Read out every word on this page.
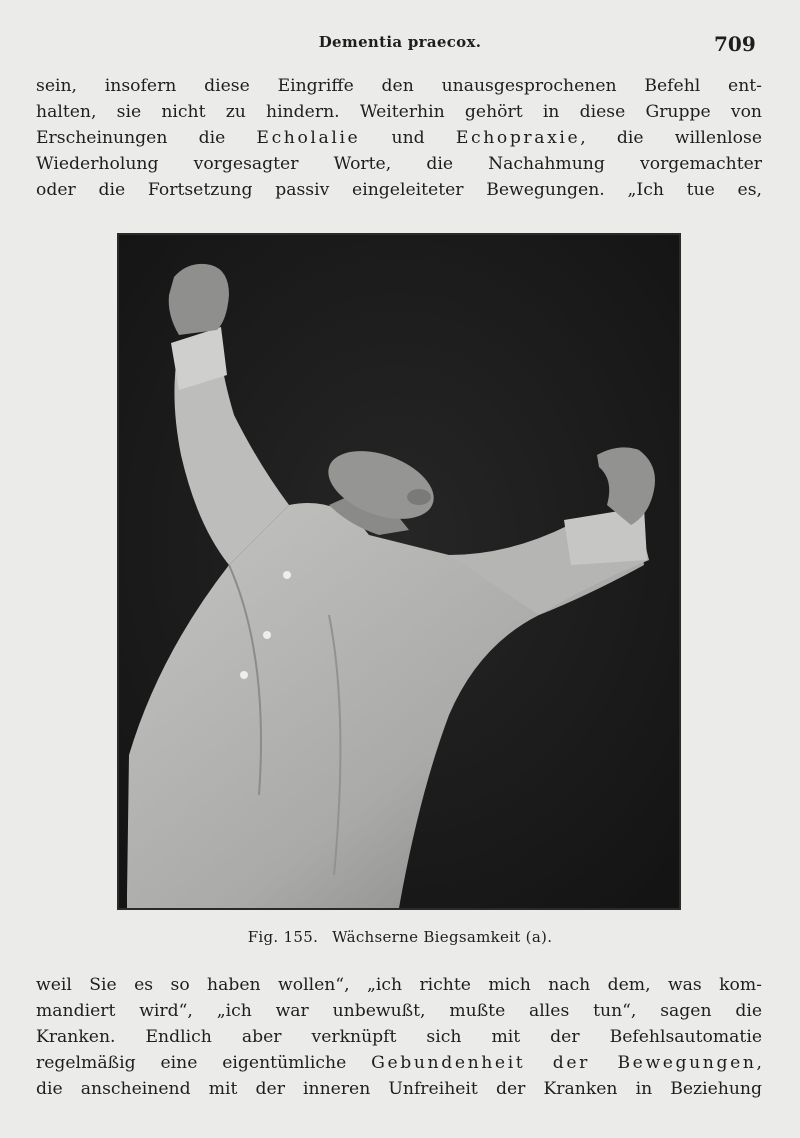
Dementia praecox.	709
sein, insofern diese Eingriffe den unausgesprochenen Befehl ent-
halten, sie nicht zu hindern. Weiterhin gehört in diese Gruppe von
Erscheinungen die Echolalie und Echopraxie, die willenlose
Wiederholung vorgesagter Worte, die Nachahmung vorgemachter
oder die Fortsetzung passiv eingeleiteter Bewegungen. „Ich tue es,
Fig. 155. Wächserne Biegsamkeit (a).
weil Sie es so haben wollen“, „ich richte mich nach dem, was kom-
mandiert wird“, „ich war unbewußt, mußte alles tun“, sagen die
Kranken. Endlich aber verknüpft sich mit der Befehlsautomatie
regelmäßig eine eigentümliche Gebundenheit der Bewegungen,
die anscheinend mit der inneren Unfreiheit der Kranken in Beziehung
